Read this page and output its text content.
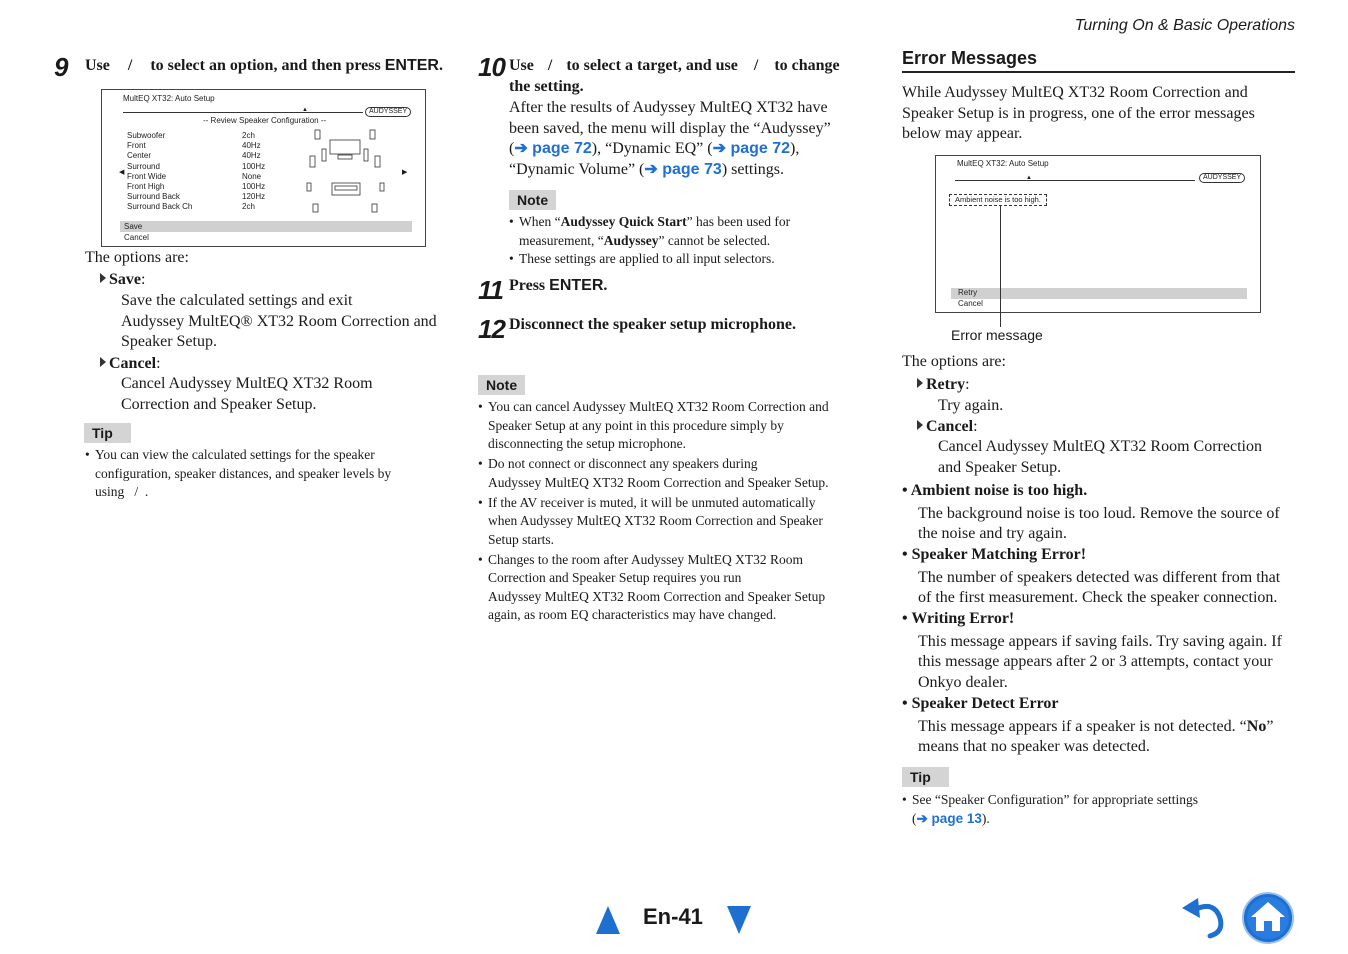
Turning On & Basic Operations
9 Use / to select an option, and then press ENTER.
MultEQ XT32: Auto Setup
▲	AUDYSSEY
-- Review Speaker Configuration --
Subwoofer	2ch
Front	40Hz
Center	40Hz
Surround	100Hz
Front Wide	None
Front High	100Hz
Surround Back	120Hz
Surround Back Ch	2ch
◀	▶
Save
Cancel
The options are:
Save:
Save the calculated settings and exit
Audyssey MultEQ® XT32 Room Correction and
Speaker Setup.
Cancel:
Cancel Audyssey MultEQ XT32 Room
Correction and Speaker Setup.
Tip
• You can view the calculated settings for the speaker
configuration, speaker distances, and speaker levels by
using   /  .
10 Use / to select a target, and use / to change
the setting.
After the results of Audyssey MultEQ XT32 have
been saved, the menu will display the “Audyssey”
(➔ page 72), “Dynamic EQ” (➔ page 72),
“Dynamic Volume” (➔ page 73) settings.
Note
• When “Audyssey Quick Start” has been used for
measurement, “Audyssey” cannot be selected.
• These settings are applied to all input selectors.
11 Press ENTER.
12 Disconnect the speaker setup microphone.
Note
• You can cancel Audyssey MultEQ XT32 Room Correction and
Speaker Setup at any point in this procedure simply by
disconnecting the setup microphone.
• Do not connect or disconnect any speakers during
Audyssey MultEQ XT32 Room Correction and Speaker Setup.
• If the AV receiver is muted, it will be unmuted automatically
when Audyssey MultEQ XT32 Room Correction and Speaker
Setup starts.
• Changes to the room after Audyssey MultEQ XT32 Room
Correction and Speaker Setup requires you run
Audyssey MultEQ XT32 Room Correction and Speaker Setup
again, as room EQ characteristics may have changed.
Error Messages
While Audyssey MultEQ XT32 Room Correction and
Speaker Setup is in progress, one of the error messages
below may appear.
MultEQ XT32: Auto Setup
▲	AUDYSSEY
Ambient noise is too high.
Retry
Cancel
Error message
The options are:
Retry:
Try again.
Cancel:
Cancel Audyssey MultEQ XT32 Room Correction
and Speaker Setup.
• Ambient noise is too high.
The background noise is too loud. Remove the source of
the noise and try again.
• Speaker Matching Error!
The number of speakers detected was different from that
of the first measurement. Check the speaker connection.
• Writing Error!
This message appears if saving fails. Try saving again. If
this message appears after 2 or 3 attempts, contact your
Onkyo dealer.
• Speaker Detect Error
This message appears if a speaker is not detected. “No”
means that no speaker was detected.
Tip
• See “Speaker Configuration” for appropriate settings
(➔ page 13).
En-41
